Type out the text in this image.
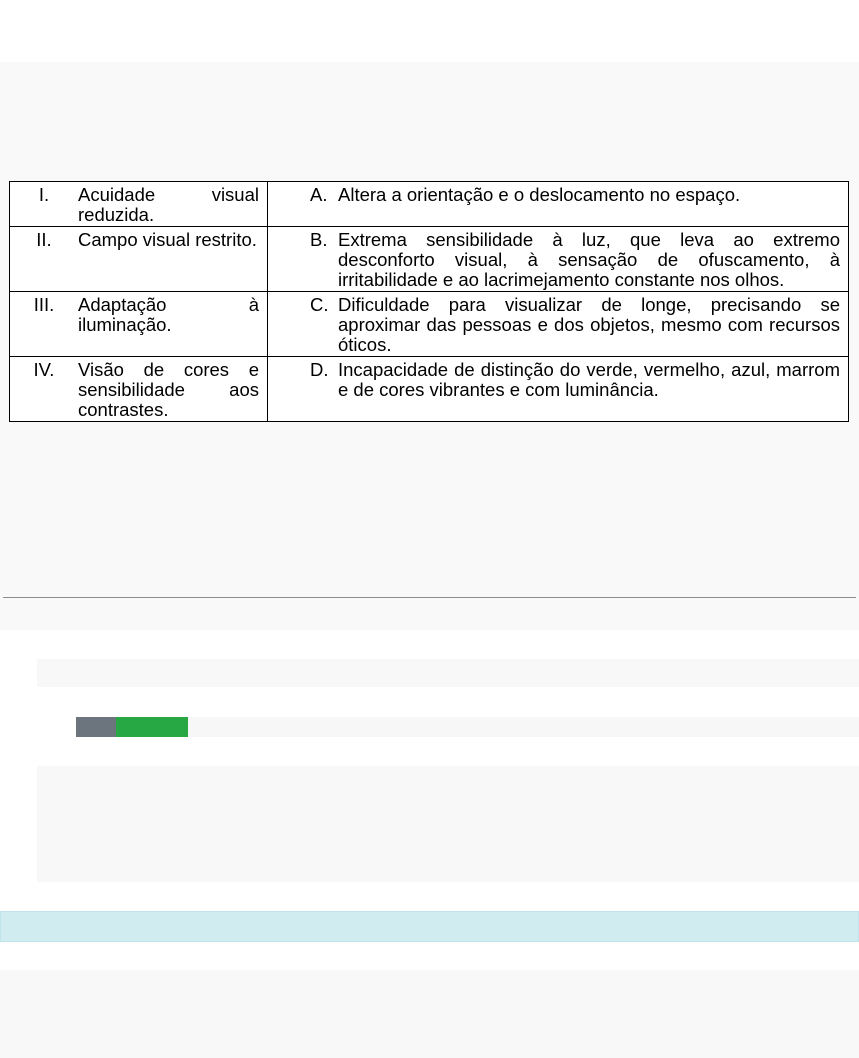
I. Acuidade visual reduzida.	A. Altera a orientação e o deslocamento no espaço.

II. Campo visual restrito.	B. Extrema sensibilidade à luz, que leva ao extremo desconforto visual, à sensação de ofuscamento, à irritabilidade e ao lacrimejamento constante nos olhos.

III. Adaptação à iluminação.	C. Dificuldade para visualizar de longe, precisando se aproximar das pessoas e dos objetos, mesmo com recursos óticos.

IV. Visão de cores e sensibilidade aos contrastes.	D. Incapacidade de distinção do verde, vermelho, azul, marrom e de cores vibrantes e com luminância.
